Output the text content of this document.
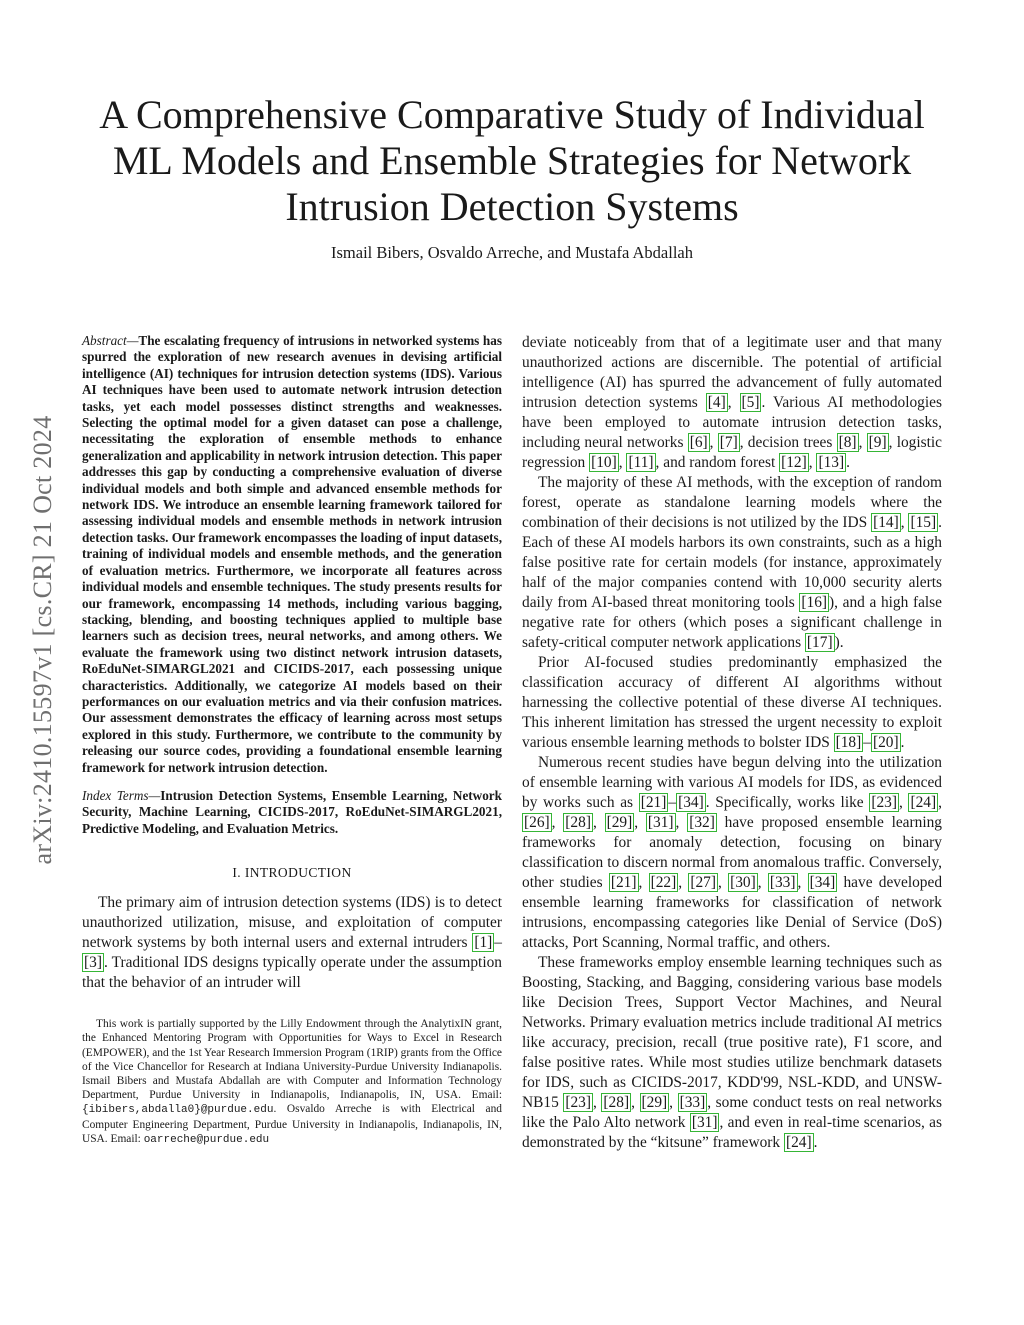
arXiv:2410.15597v1 [cs.CR] 21 Oct 2024
A Comprehensive Comparative Study of Individual ML Models and Ensemble Strategies for Network Intrusion Detection Systems

Ismail Bibers, Osvaldo Arreche, and Mustafa Abdallah

Abstract—The escalating frequency of intrusions in networked systems has spurred the exploration of new research avenues in devising artificial intelligence (AI) techniques for intrusion detection systems (IDS). Various AI techniques have been used to automate network intrusion detection tasks, yet each model possesses distinct strengths and weaknesses. Selecting the optimal model for a given dataset can pose a challenge, necessitating the exploration of ensemble methods to enhance generalization and applicability in network intrusion detection. This paper addresses this gap by conducting a comprehensive evaluation of diverse individual models and both simple and advanced ensemble methods for network IDS. We introduce an ensemble learning framework tailored for assessing individual models and ensemble methods in network intrusion detection tasks. Our framework encompasses the loading of input datasets, training of individual models and ensemble methods, and the generation of evaluation metrics. Furthermore, we incorporate all features across individual models and ensemble techniques. The study presents results for our framework, encompassing 14 methods, including various bagging, stacking, blending, and boosting techniques applied to multiple base learners such as decision trees, neural networks, and among others. We evaluate the framework using two distinct network intrusion datasets, RoEduNet-SIMARGL2021 and CICIDS-2017, each possessing unique characteristics. Additionally, we categorize AI models based on their performances on our evaluation metrics and via their confusion matrices. Our assessment demonstrates the efficacy of learning across most setups explored in this study. Furthermore, we contribute to the community by releasing our source codes, providing a foundational ensemble learning framework for network intrusion detection.

Index Terms—Intrusion Detection Systems, Ensemble Learning, Network Security, Machine Learning, CICIDS-2017, RoEduNet-SIMARGL2021, Predictive Modeling, and Evaluation Metrics.

I. INTRODUCTION

The primary aim of intrusion detection systems (IDS) is to detect unauthorized utilization, misuse, and exploitation of computer network systems by both internal users and external intruders [1] –[3] . Traditional IDS designs typically operate under the assumption that the behavior of an intruder will

This work is partially supported by the Lilly Endowment through the AnalytixIN grant, the Enhanced Mentoring Program with Opportunities for Ways to Excel in Research (EMPOWER), and the 1st Year Research Immersion Program (1RIP) grants from the Office of the Vice Chancellor for Research at Indiana University-Purdue University Indianapolis. Ismail Bibers and Mustafa Abdallah are with Computer and Information Technology Department, Purdue University in Indianapolis, Indianapolis, IN, USA. Email: {ibibers,abdalla0}@purdue.edu. Osvaldo Arreche is with Electrical and Computer Engineering Department, Purdue University in Indianapolis, Indianapolis, IN, USA. Email: oarreche@purdue.edu

deviate noticeably from that of a legitimate user and that many unauthorized actions are discernible. The potential of artificial intelligence (AI) has spurred the advancement of fully automated intrusion detection systems [4] , [5] . Various AI methodologies have been employed to automate intrusion detection tasks, including neural networks [6] , [7] , decision trees [8] , [9] , logistic regression [10] , [11] , and random forest [12] , [13] .

The majority of these AI methods, with the exception of random forest, operate as standalone learning models where the combination of their decisions is not utilized by the IDS [14] , [15] . Each of these AI models harbors its own constraints, such as a high false positive rate for certain models (for instance, approximately half of the major companies contend with 10,000 security alerts daily from AI-based threat monitoring tools [16] ), and a high false negative rate for others (which poses a significant challenge in safety-critical computer network applications [17] ).

Prior AI-focused studies predominantly emphasized the classification accuracy of different AI algorithms without harnessing the collective potential of these diverse AI techniques. This inherent limitation has stressed the urgent necessity to exploit various ensemble learning methods to bolster IDS [18] – [20] .

Numerous recent studies have begun delving into the utilization of ensemble learning with various AI models for IDS, as evidenced by works such as [21] – [34] . Specifically, works like [23] , [24] , [26] , [28] , [29] , [31] , [32] have proposed ensemble learning frameworks for anomaly detection, focusing on binary classification to discern normal from anomalous traffic. Conversely, other studies [21] , [22] , [27] , [30] , [33] , [34] have developed ensemble learning frameworks for classification of network intrusions, encompassing categories like Denial of Service (DoS) attacks, Port Scanning, Normal traffic, and others.

These frameworks employ ensemble learning techniques such as Boosting, Stacking, and Bagging, considering various base models like Decision Trees, Support Vector Machines, and Neural Networks. Primary evaluation metrics include traditional AI metrics like accuracy, precision, recall (true positive rate), F1 score, and false positive rates. While most studies utilize benchmark datasets for IDS, such as CICIDS-2017, KDD'99, NSL-KDD, and UNSW-NB15 [23] , [28] , [29] , [33] , some conduct tests on real networks like the Palo Alto network [31] , and even in real-time scenarios, as demonstrated by the “kitsune” framework [24] .
